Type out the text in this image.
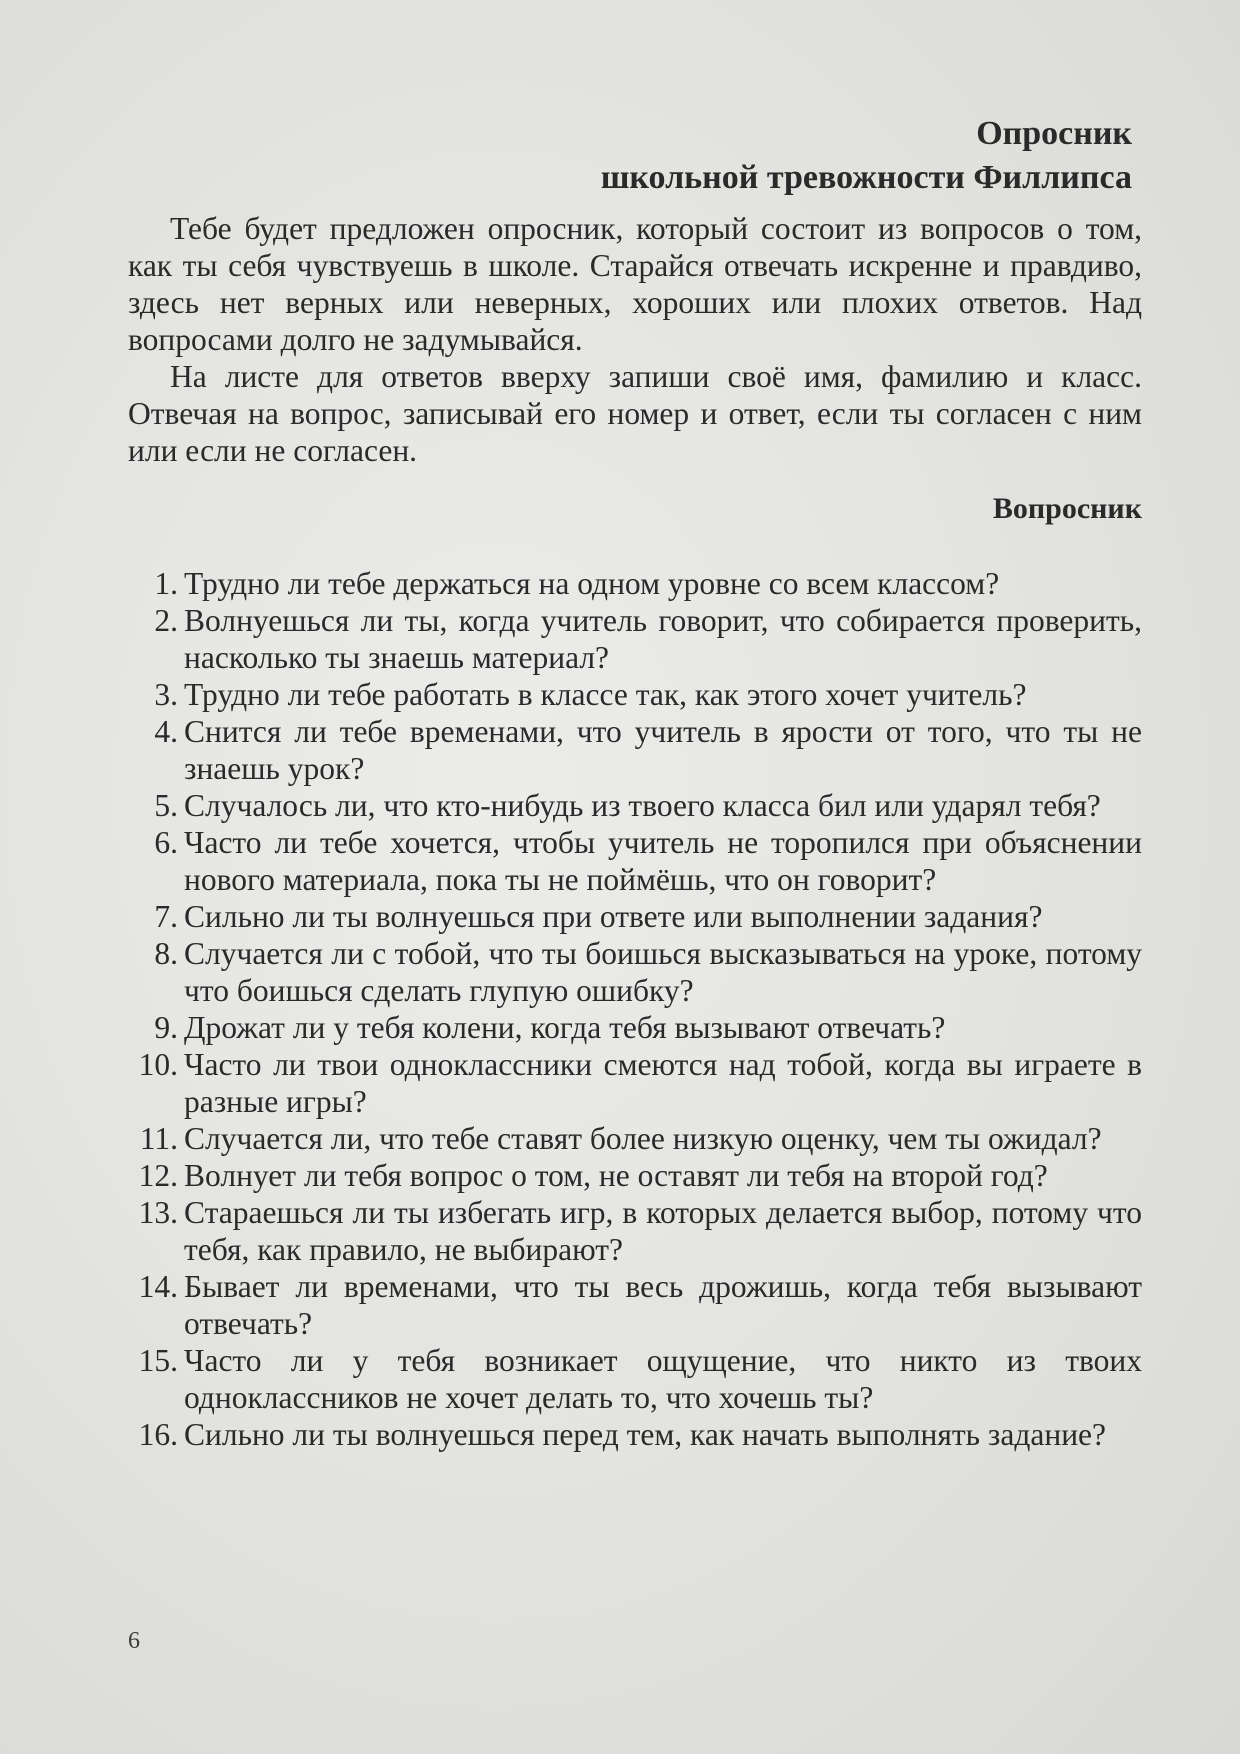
Опросник
школьной тревожности Филлипса

Тебе будет предложен опросник, который состоит из вопросов о том, как ты себя чувствуешь в школе. Старайся отвечать искренне и правдиво, здесь нет верных или неверных, хороших или плохих ответов. Над вопросами долго не задумывайся.

На листе для ответов вверху запиши своё имя, фамилию и класс. Отвечая на вопрос, записывай его номер и ответ, если ты согласен с ним или если не согласен.

Вопросник
1. Трудно ли тебе держаться на одном уровне со всем классом?
2. Волнуешься ли ты, когда учитель говорит, что собирается проверить, насколько ты знаешь материал?
3. Трудно ли тебе работать в классе так, как этого хочет учитель?
4. Снится ли тебе временами, что учитель в ярости от того, что ты не знаешь урок?
5. Случалось ли, что кто-нибудь из твоего класса бил или ударял тебя?
6. Часто ли тебе хочется, чтобы учитель не торопился при объяснении нового материала, пока ты не поймёшь, что он говорит?
7. Сильно ли ты волнуешься при ответе или выполнении задания?
8. Случается ли с тобой, что ты боишься высказываться на уроке, потому что боишься сделать глупую ошибку?
9. Дрожат ли у тебя колени, когда тебя вызывают отвечать?
10. Часто ли твои одноклассники смеются над тобой, когда вы играете в разные игры?
11. Случается ли, что тебе ставят более низкую оценку, чем ты ожидал?
12. Волнует ли тебя вопрос о том, не оставят ли тебя на второй год?
13. Стараешься ли ты избегать игр, в которых делается выбор, потому что тебя, как правило, не выбирают?
14. Бывает ли временами, что ты весь дрожишь, когда тебя вызывают отвечать?
15. Часто ли у тебя возникает ощущение, что никто из твоих одноклассников не хочет делать то, что хочешь ты?
16. Сильно ли ты волнуешься перед тем, как начать выполнять задание?
6
